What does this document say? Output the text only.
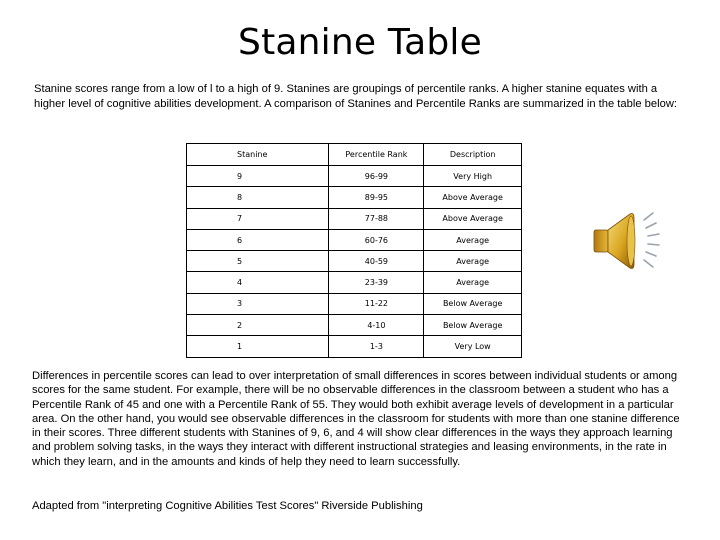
Stanine Table
Stanine scores range from a low of l to a high of 9. Stanines are groupings of percentile ranks. A higher stanine equates with a higher level of cognitive abilities development. A comparison of Stanines and Percentile Ranks are summarized in the table below:
Stanine	Percentile Rank	Description
9	96-99	Very High
8	89-95	Above Average
7	77-88	Above Average
6	60-76	Average
5	40-59	Average
4	23-39	Average
3	11-22	Below Average
2	4-10	Below Average
1	1-3	Very Low
Differences in percentile scores can lead to over interpretation of small differences in scores between individual students or among scores for the same student. For example, there will be no observable differences in the classroom between a student who has a Percentile Rank of 45 and one with a Percentile Rank of 55. They would both exhibit average levels of development in a particular area. On the other hand, you would see observable differences in the classroom for students with more than one stanine difference in their scores. Three different students with Stanines of 9, 6, and 4 will show clear differences in the ways they approach learning and problem solving tasks, in the ways they interact with different instructional strategies and leasing environments, in the rate in which they learn, and in the amounts and kinds of help they need to learn successfully.
Adapted from "interpreting Cognitive Abilities Test Scores" Riverside Publishing
